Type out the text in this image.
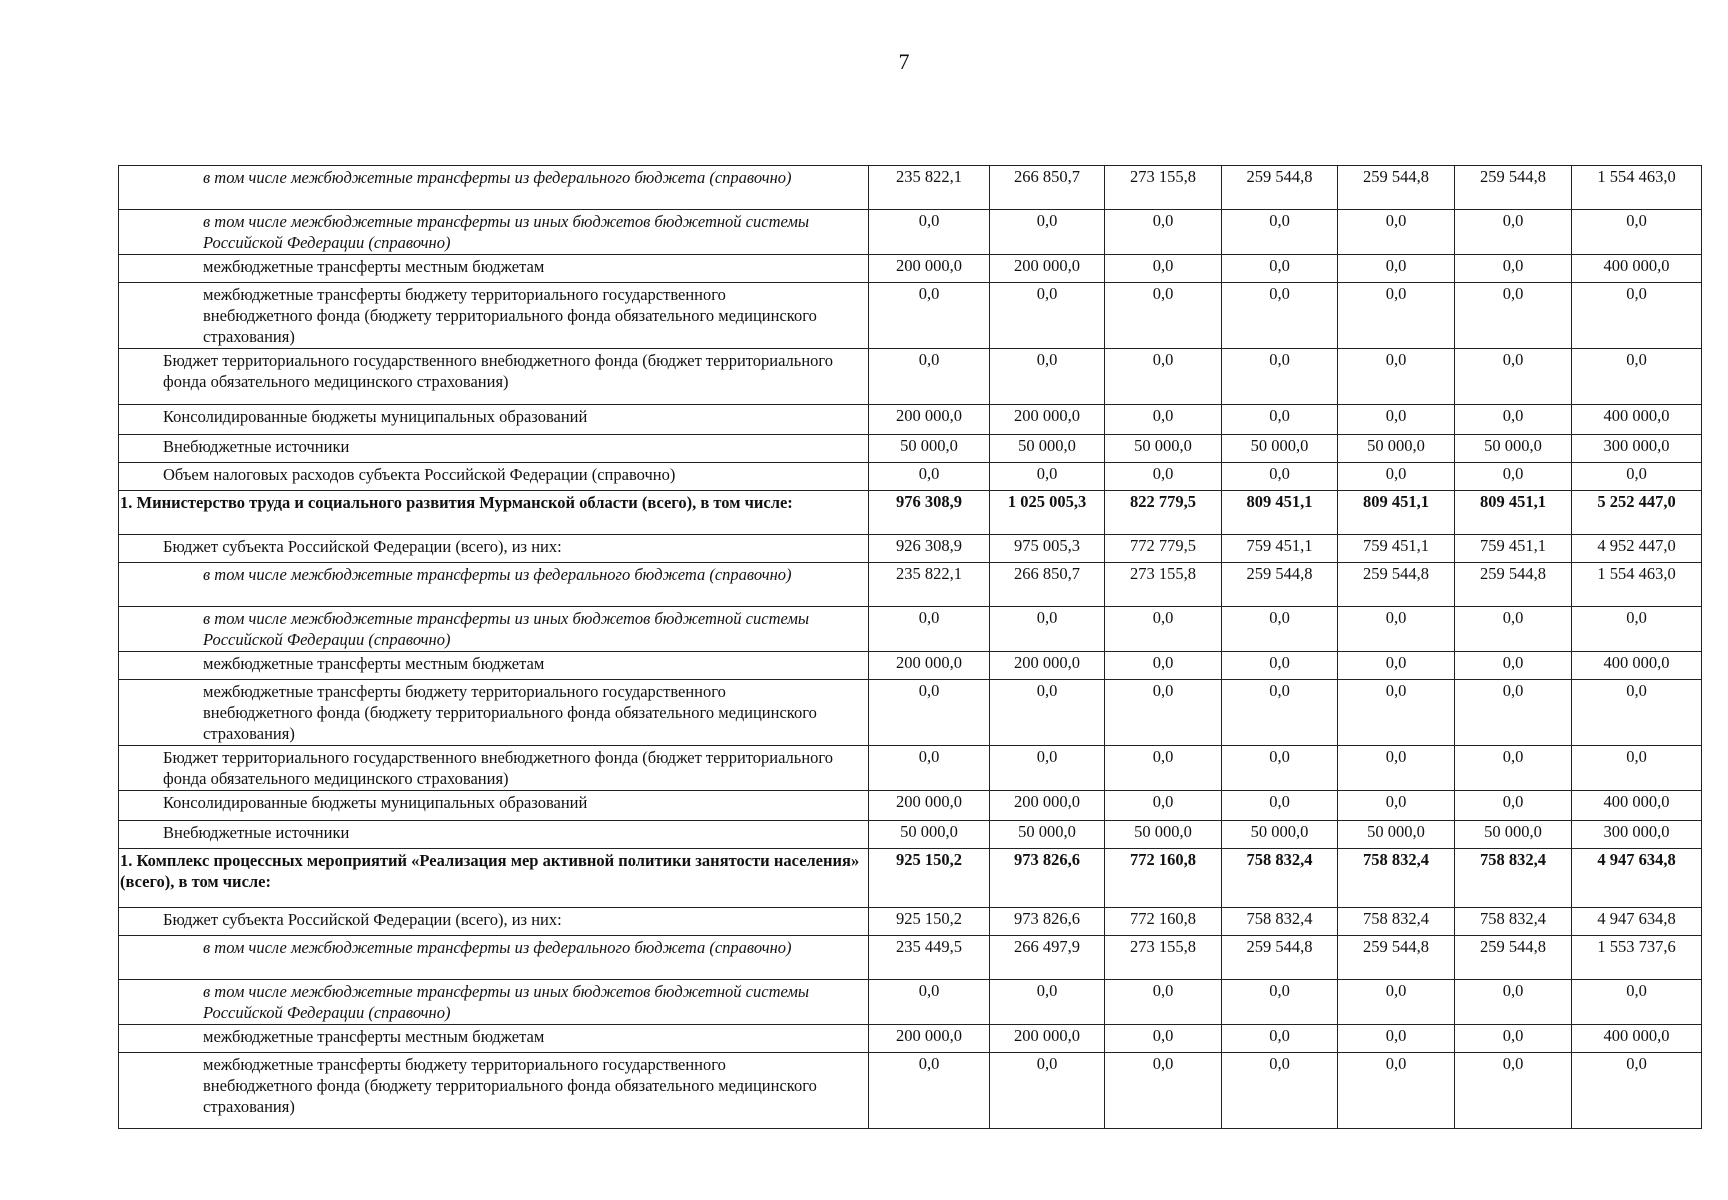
7
в том числе межбюджетные трансферты из федерального бюджета (справочно)	235 822,1	266 850,7	273 155,8	259 544,8	259 544,8	259 544,8	1 554 463,0
в том числе межбюджетные трансферты из иных бюджетов бюджетной системы Российской Федерации (справочно)	0,0	0,0	0,0	0,0	0,0	0,0	0,0
межбюджетные трансферты местным бюджетам	200 000,0	200 000,0	0,0	0,0	0,0	0,0	400 000,0
межбюджетные трансферты бюджету территориального государственного внебюджетного фонда (бюджету территориального фонда обязательного медицинского страхования)	0,0	0,0	0,0	0,0	0,0	0,0	0,0
Бюджет территориального государственного внебюджетного фонда (бюджет территориального фонда обязательного медицинского страхования)	0,0	0,0	0,0	0,0	0,0	0,0	0,0
Консолидированные бюджеты муниципальных образований	200 000,0	200 000,0	0,0	0,0	0,0	0,0	400 000,0
Внебюджетные источники	50 000,0	50 000,0	50 000,0	50 000,0	50 000,0	50 000,0	300 000,0
Объем налоговых расходов субъекта Российской Федерации (справочно)	0,0	0,0	0,0	0,0	0,0	0,0	0,0
1. Министерство труда и социального развития Мурманской области (всего), в том числе:	976 308,9	1 025 005,3	822 779,5	809 451,1	809 451,1	809 451,1	5 252 447,0
Бюджет субъекта Российской Федерации (всего), из них:	926 308,9	975 005,3	772 779,5	759 451,1	759 451,1	759 451,1	4 952 447,0
в том числе межбюджетные трансферты из федерального бюджета (справочно)	235 822,1	266 850,7	273 155,8	259 544,8	259 544,8	259 544,8	1 554 463,0
в том числе межбюджетные трансферты из иных бюджетов бюджетной системы Российской Федерации (справочно)	0,0	0,0	0,0	0,0	0,0	0,0	0,0
межбюджетные трансферты местным бюджетам	200 000,0	200 000,0	0,0	0,0	0,0	0,0	400 000,0
межбюджетные трансферты бюджету территориального государственного внебюджетного фонда (бюджету территориального фонда обязательного медицинского страхования)	0,0	0,0	0,0	0,0	0,0	0,0	0,0
Бюджет территориального государственного внебюджетного фонда (бюджет территориального фонда обязательного медицинского страхования)	0,0	0,0	0,0	0,0	0,0	0,0	0,0
Консолидированные бюджеты муниципальных образований	200 000,0	200 000,0	0,0	0,0	0,0	0,0	400 000,0
Внебюджетные источники	50 000,0	50 000,0	50 000,0	50 000,0	50 000,0	50 000,0	300 000,0
1. Комплекс процессных мероприятий «Реализация мер активной политики занятости населения» (всего), в том числе:	925 150,2	973 826,6	772 160,8	758 832,4	758 832,4	758 832,4	4 947 634,8
Бюджет субъекта Российской Федерации (всего), из них:	925 150,2	973 826,6	772 160,8	758 832,4	758 832,4	758 832,4	4 947 634,8
в том числе межбюджетные трансферты из федерального бюджета (справочно)	235 449,5	266 497,9	273 155,8	259 544,8	259 544,8	259 544,8	1 553 737,6
в том числе межбюджетные трансферты из иных бюджетов бюджетной системы Российской Федерации (справочно)	0,0	0,0	0,0	0,0	0,0	0,0	0,0
межбюджетные трансферты местным бюджетам	200 000,0	200 000,0	0,0	0,0	0,0	0,0	400 000,0
межбюджетные трансферты бюджету территориального государственного внебюджетного фонда (бюджету территориального фонда обязательного медицинского страхования)	0,0	0,0	0,0	0,0	0,0	0,0	0,0
